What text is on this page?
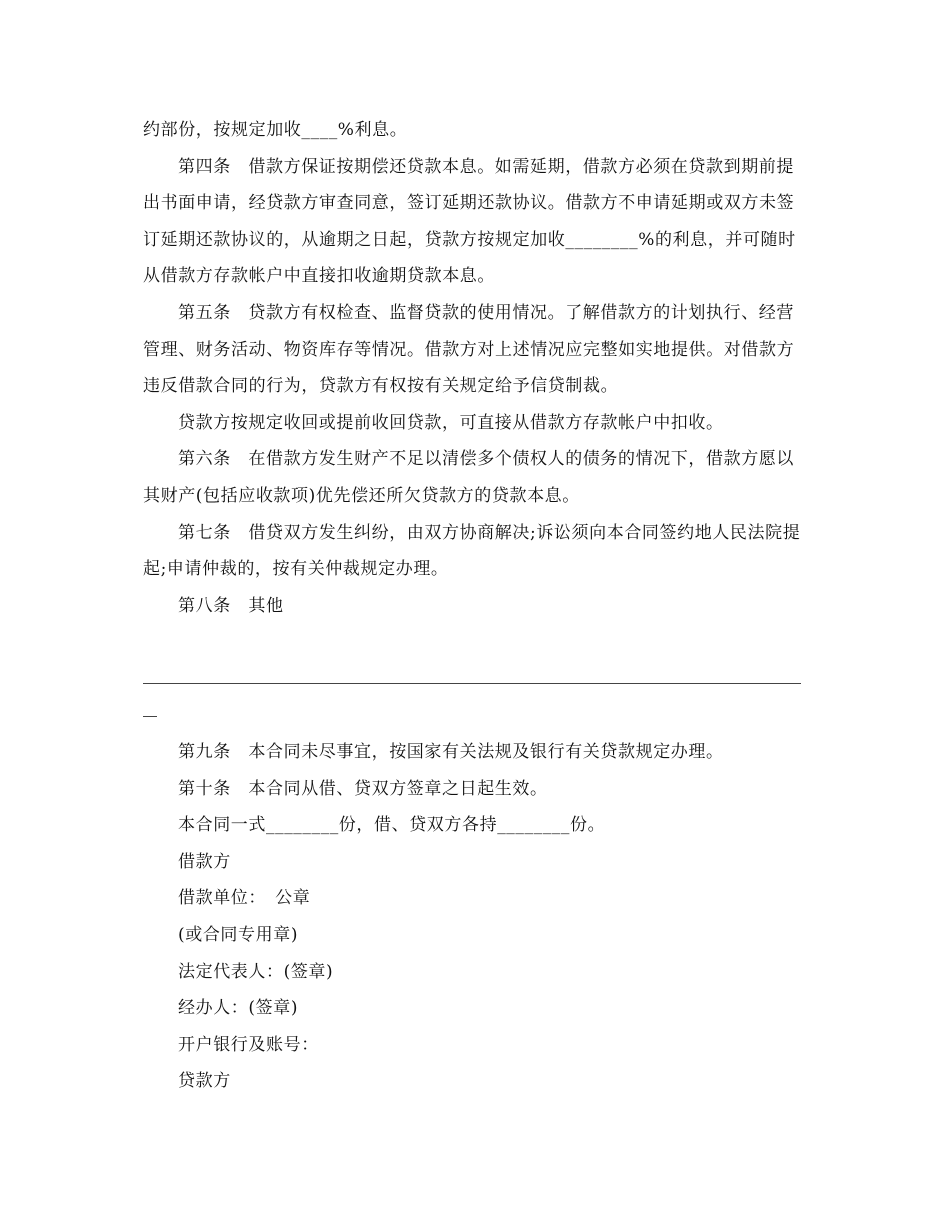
约部份，按规定加收____%利息。

第四条　借款方保证按期偿还贷款本息。如需延期，借款方必须在贷款到期前提出书面申请，经贷款方审查同意，签订延期还款协议。借款方不申请延期或双方未签订延期还款协议的，从逾期之日起，贷款方按规定加收________%的利息，并可随时从借款方存款帐户中直接扣收逾期贷款本息。

第五条　贷款方有权检查、监督贷款的使用情况。了解借款方的计划执行、经营管理、财务活动、物资库存等情况。借款方对上述情况应完整如实地提供。对借款方违反借款合同的行为，贷款方有权按有关规定给予信贷制裁。

贷款方按规定收回或提前收回贷款，可直接从借款方存款帐户中扣收。

第六条　在借款方发生财产不足以清偿多个债权人的债务的情况下，借款方愿以其财产(包括应收款项)优先偿还所欠贷款方的贷款本息。

第七条　借贷双方发生纠纷，由双方协商解决;诉讼须向本合同签约地人民法院提起;申请仲裁的，按有关仲裁规定办理。

第八条　其他

第九条　本合同未尽事宜，按国家有关法规及银行有关贷款规定办理。

第十条　本合同从借、贷双方签章之日起生效。

本合同一式________份，借、贷双方各持________份。

借款方

借款单位：　公章

(或合同专用章)

法定代表人：(签章)

经办人：(签章)

开户银行及账号：

贷款方
